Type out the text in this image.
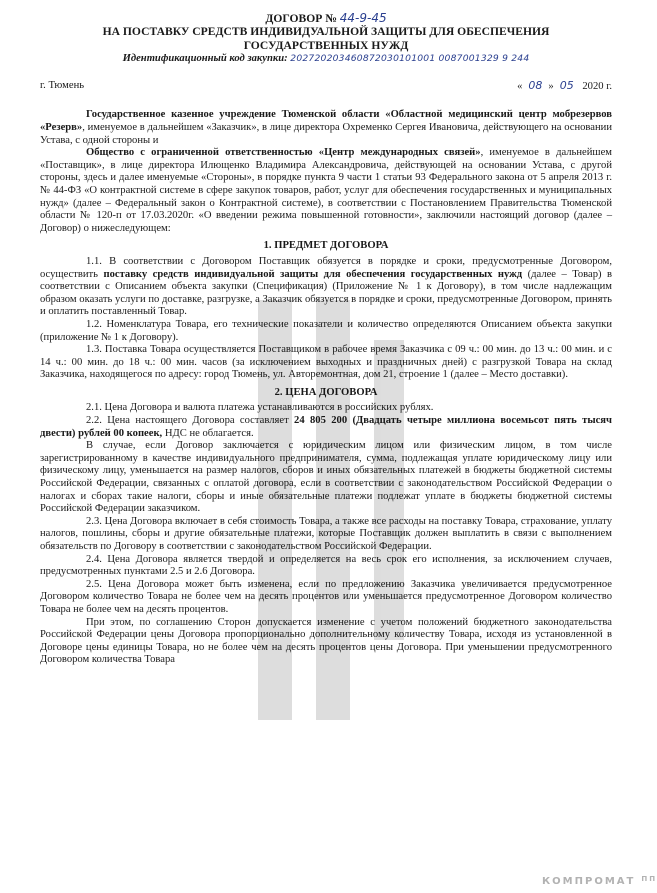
ДОГОВОР № 44-9-45
НА ПОСТАВКУ СРЕДСТВ ИНДИВИДУАЛЬНОЙ ЗАЩИТЫ ДЛЯ ОБЕСПЕЧЕНИЯ
ГОСУДАРСТВЕННЫХ НУЖД
Идентификационный код закупки: 202720203460872030101001 0087001329 9 244
г. Тюмень	« 08 » 05 2020 г.

Государственное казенное учреждение Тюменской области «Областной медицинский центр мобрезервов «Резерв», именуемое в дальнейшем «Заказчик», в лице директора Охременко Сергея Ивановича, действующего на основании Устава, с одной стороны и

Общество с ограниченной ответственностью «Центр международных связей», именуемое в дальнейшем «Поставщик», в лице директора Илющенко Владимира Александровича, действующей на основании Устава, с другой стороны, здесь и далее именуемые «Стороны», в порядке пункта 9 части 1 статьи 93 Федерального закона от 5 апреля 2013 г. № 44-ФЗ «О контрактной системе в сфере закупок товаров, работ, услуг для обеспечения государственных и муниципальных нужд» (далее – Федеральный закон о Контрактной системе), в соответствии с Постановлением Правительства Тюменской области № 120-п от 17.03.2020г. «О введении режима повышенной готовности», заключили настоящий договор (далее – Договор) о нижеследующем:

1. ПРЕДМЕТ ДОГОВОРА

1.1. В соответствии с Договором Поставщик обязуется в порядке и сроки, предусмотренные Договором, осуществить поставку средств индивидуальной защиты для обеспечения государственных нужд (далее – Товар) в соответствии с Описанием объекта закупки (Спецификация) (Приложение № 1 к Договору), в том числе надлежащим образом оказать услуги по доставке, разгрузке, а Заказчик обязуется в порядке и сроки, предусмотренные Договором, принять и оплатить поставленный Товар.

1.2. Номенклатура Товара, его технические показатели и количество определяются Описанием объекта закупки (приложение № 1 к Договору).

1.3. Поставка Товара осуществляется Поставщиком в рабочее время Заказчика с 09 ч.: 00 мин. до 13 ч.: 00 мин. и с 14 ч.: 00 мин. до 18 ч.: 00 мин. часов (за исключением выходных и праздничных дней) с разгрузкой Товара на склад Заказчика, находящегося по адресу: город Тюмень, ул. Авторемонтная, дом 21, строение 1 (далее – Место доставки).

2. ЦЕНА ДОГОВОРА

2.1. Цена Договора и валюта платежа устанавливаются в российских рублях.

2.2. Цена настоящего Договора составляет 24 805 200 (Двадцать четыре миллиона восемьсот пять тысяч двести) рублей 00 копеек, НДС не облагается.

В случае, если Договор заключается с юридическим лицом или физическим лицом, в том числе зарегистрированному в качестве индивидуального предпринимателя, сумма, подлежащая уплате юридическому лицу или физическому лицу, уменьшается на размер налогов, сборов и иных обязательных платежей в бюджеты бюджетной системы Российской Федерации, связанных с оплатой договора, если в соответствии с законодательством Российской Федерации о налогах и сборах такие налоги, сборы и иные обязательные платежи подлежат уплате в бюджеты бюджетной системы Российской Федерации заказчиком.

2.3. Цена Договора включает в себя стоимость Товара, а также все расходы на поставку Товара, страхование, уплату налогов, пошлины, сборы и другие обязательные платежи, которые Поставщик должен выплатить в связи с выполнением обязательств по Договору в соответствии с законодательством Российской Федерации.

2.4. Цена Договора является твердой и определяется на весь срок его исполнения, за исключением случаев, предусмотренных пунктами 2.5 и 2.6 Договора.

2.5. Цена Договора может быть изменена, если по предложению Заказчика увеличивается предусмотренное Договором количество Товара не более чем на десять процентов или уменьшается предусмотренное Договором количество Товара не более чем на десять процентов.

При этом, по соглашению Сторон допускается изменение с учетом положений бюджетного законодательства Российской Федерации цены Договора пропорционально дополнительному количеству Товара, исходя из установленной в Договоре цены единицы Товара, но не более чем на десять процентов цены Договора. При уменьшении предусмотренного Договором количества Товара

КОМПРОМАТ $^{ПП}$
